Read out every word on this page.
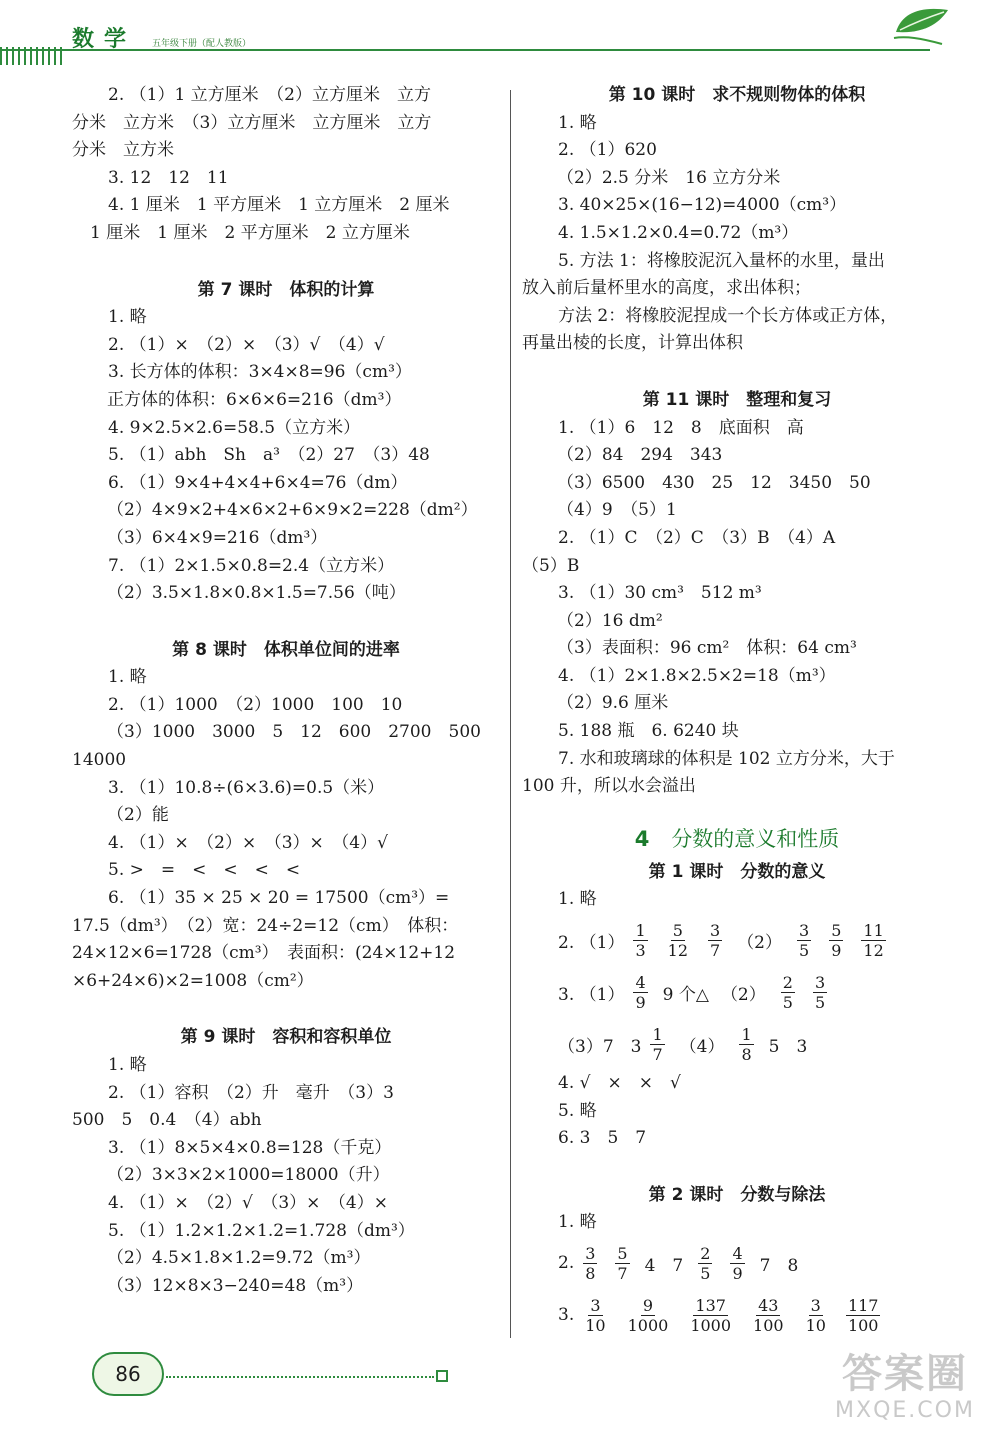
数学 五年级下册（配人教版）
2. （1）1 立方厘米　（2）立方厘米　立方
分米　立方米　（3）立方厘米　立方厘米　立方
分米　立方米
3. 12　12　11
4. 1 厘米　1 平方厘米　1 立方厘米　2 厘米
1 厘米　1 厘米　2 平方厘米　2 立方厘米
第 7 课时　体积的计算
1. 略
2. （1）×　（2）×　（3）√　（4）√
3. 长方体的体积：3×4×8=96（cm³）
正方体的体积：6×6×6=216（dm³）
4. 9×2.5×2.6=58.5（立方米）
5. （1）abh　Sh　a³　（2）27　（3）48
6. （1）9×4+4×4+6×4=76（dm）
（2）4×9×2+4×6×2+6×9×2=228（dm²）
（3）6×4×9=216（dm³）
7. （1）2×1.5×0.8=2.4（立方米）
（2）3.5×1.8×0.8×1.5=7.56（吨）
第 8 课时　体积单位间的进率
1. 略
2. （1）1000　（2）1000　100　10
（3）1000　3000　5　12　600　2700　500
14000
3. （1）10.8÷(6×3.6)=0.5（米）
（2）能
4. （1）×　（2）×　（3）×　（4）√
5. >　=　<　<　<　<
6. （1）35 × 25 × 20 = 17500（cm³）=
17.5（dm³）　（2）宽：24÷2=12（cm）　体积：
24×12×6=1728（cm³）　表面积：(24×12+12
×6+24×6)×2=1008（cm²）
第 9 课时　容积和容积单位
1. 略
2. （1）容积　（2）升　毫升　（3）3
500　5　0.4　（4）abh
3. （1）8×5×4×0.8=128（千克）
（2）3×3×2×1000=18000（升）
4. （1）×　（2）√　（3）×　（4）×
5. （1）1.2×1.2×1.2=1.728（dm³）
（2）4.5×1.8×1.2=9.72（m³）
（3）12×8×3−240=48（m³）
第 10 课时　求不规则物体的体积
1. 略
2. （1）620
（2）2.5 分米　16 立方分米
3. 40×25×(16−12)=4000（cm³）
4. 1.5×1.2×0.4=0.72（m³）
5. 方法 1：将橡胶泥沉入量杯的水里，量出
放入前后量杯里水的高度，求出体积；
方法 2：将橡胶泥捏成一个长方体或正方体，
再量出棱的长度，计算出体积
第 11 课时　整理和复习
1. （1）6　12　8　底面积　高
（2）84　294　343
（3）6500　430　25　12　3450　50
（4）9　（5）1
2. （1）C　（2）C　（3）B　（4）A
（5）B
3. （1）30 cm³　512 m³
（2）16 dm²
（3）表面积：96 cm²　体积：64 cm³
4. （1）2×1.8×2.5×2=18（m³）
（2）9.6 厘米
5. 188 瓶　6. 6240 块
7. 水和玻璃球的体积是 102 立方分米，大于
100 升，所以水会溢出
4 分数的意义和性质
第 1 课时　分数的意义
1. 略
2. $(1) \frac{1}{3} \frac{5}{12} \frac{3}{7} (2) \frac{3}{5} \frac{5}{9} \frac{11}{12}$
3. $(1) \frac{4}{9} 9$ 个△ $(2) \frac{2}{5} \frac{3}{5}$
（3）7　$3 \frac{1}{7} (4) \frac{1}{8} 5$　3
4. √　×　×　√
5. 略
6. 3　5　7
第 2 课时　分数与除法
1. 略
2. $\frac{3}{8} \frac{5}{7} 4$　$7 \frac{2}{5} \frac{4}{9} 7$　8
3. $\frac{3}{10} \frac{9}{1000} \frac{137}{1000} \frac{43}{100} \frac{3}{10} \frac{117}{100}$
86	答案圈
MXQE.COM
